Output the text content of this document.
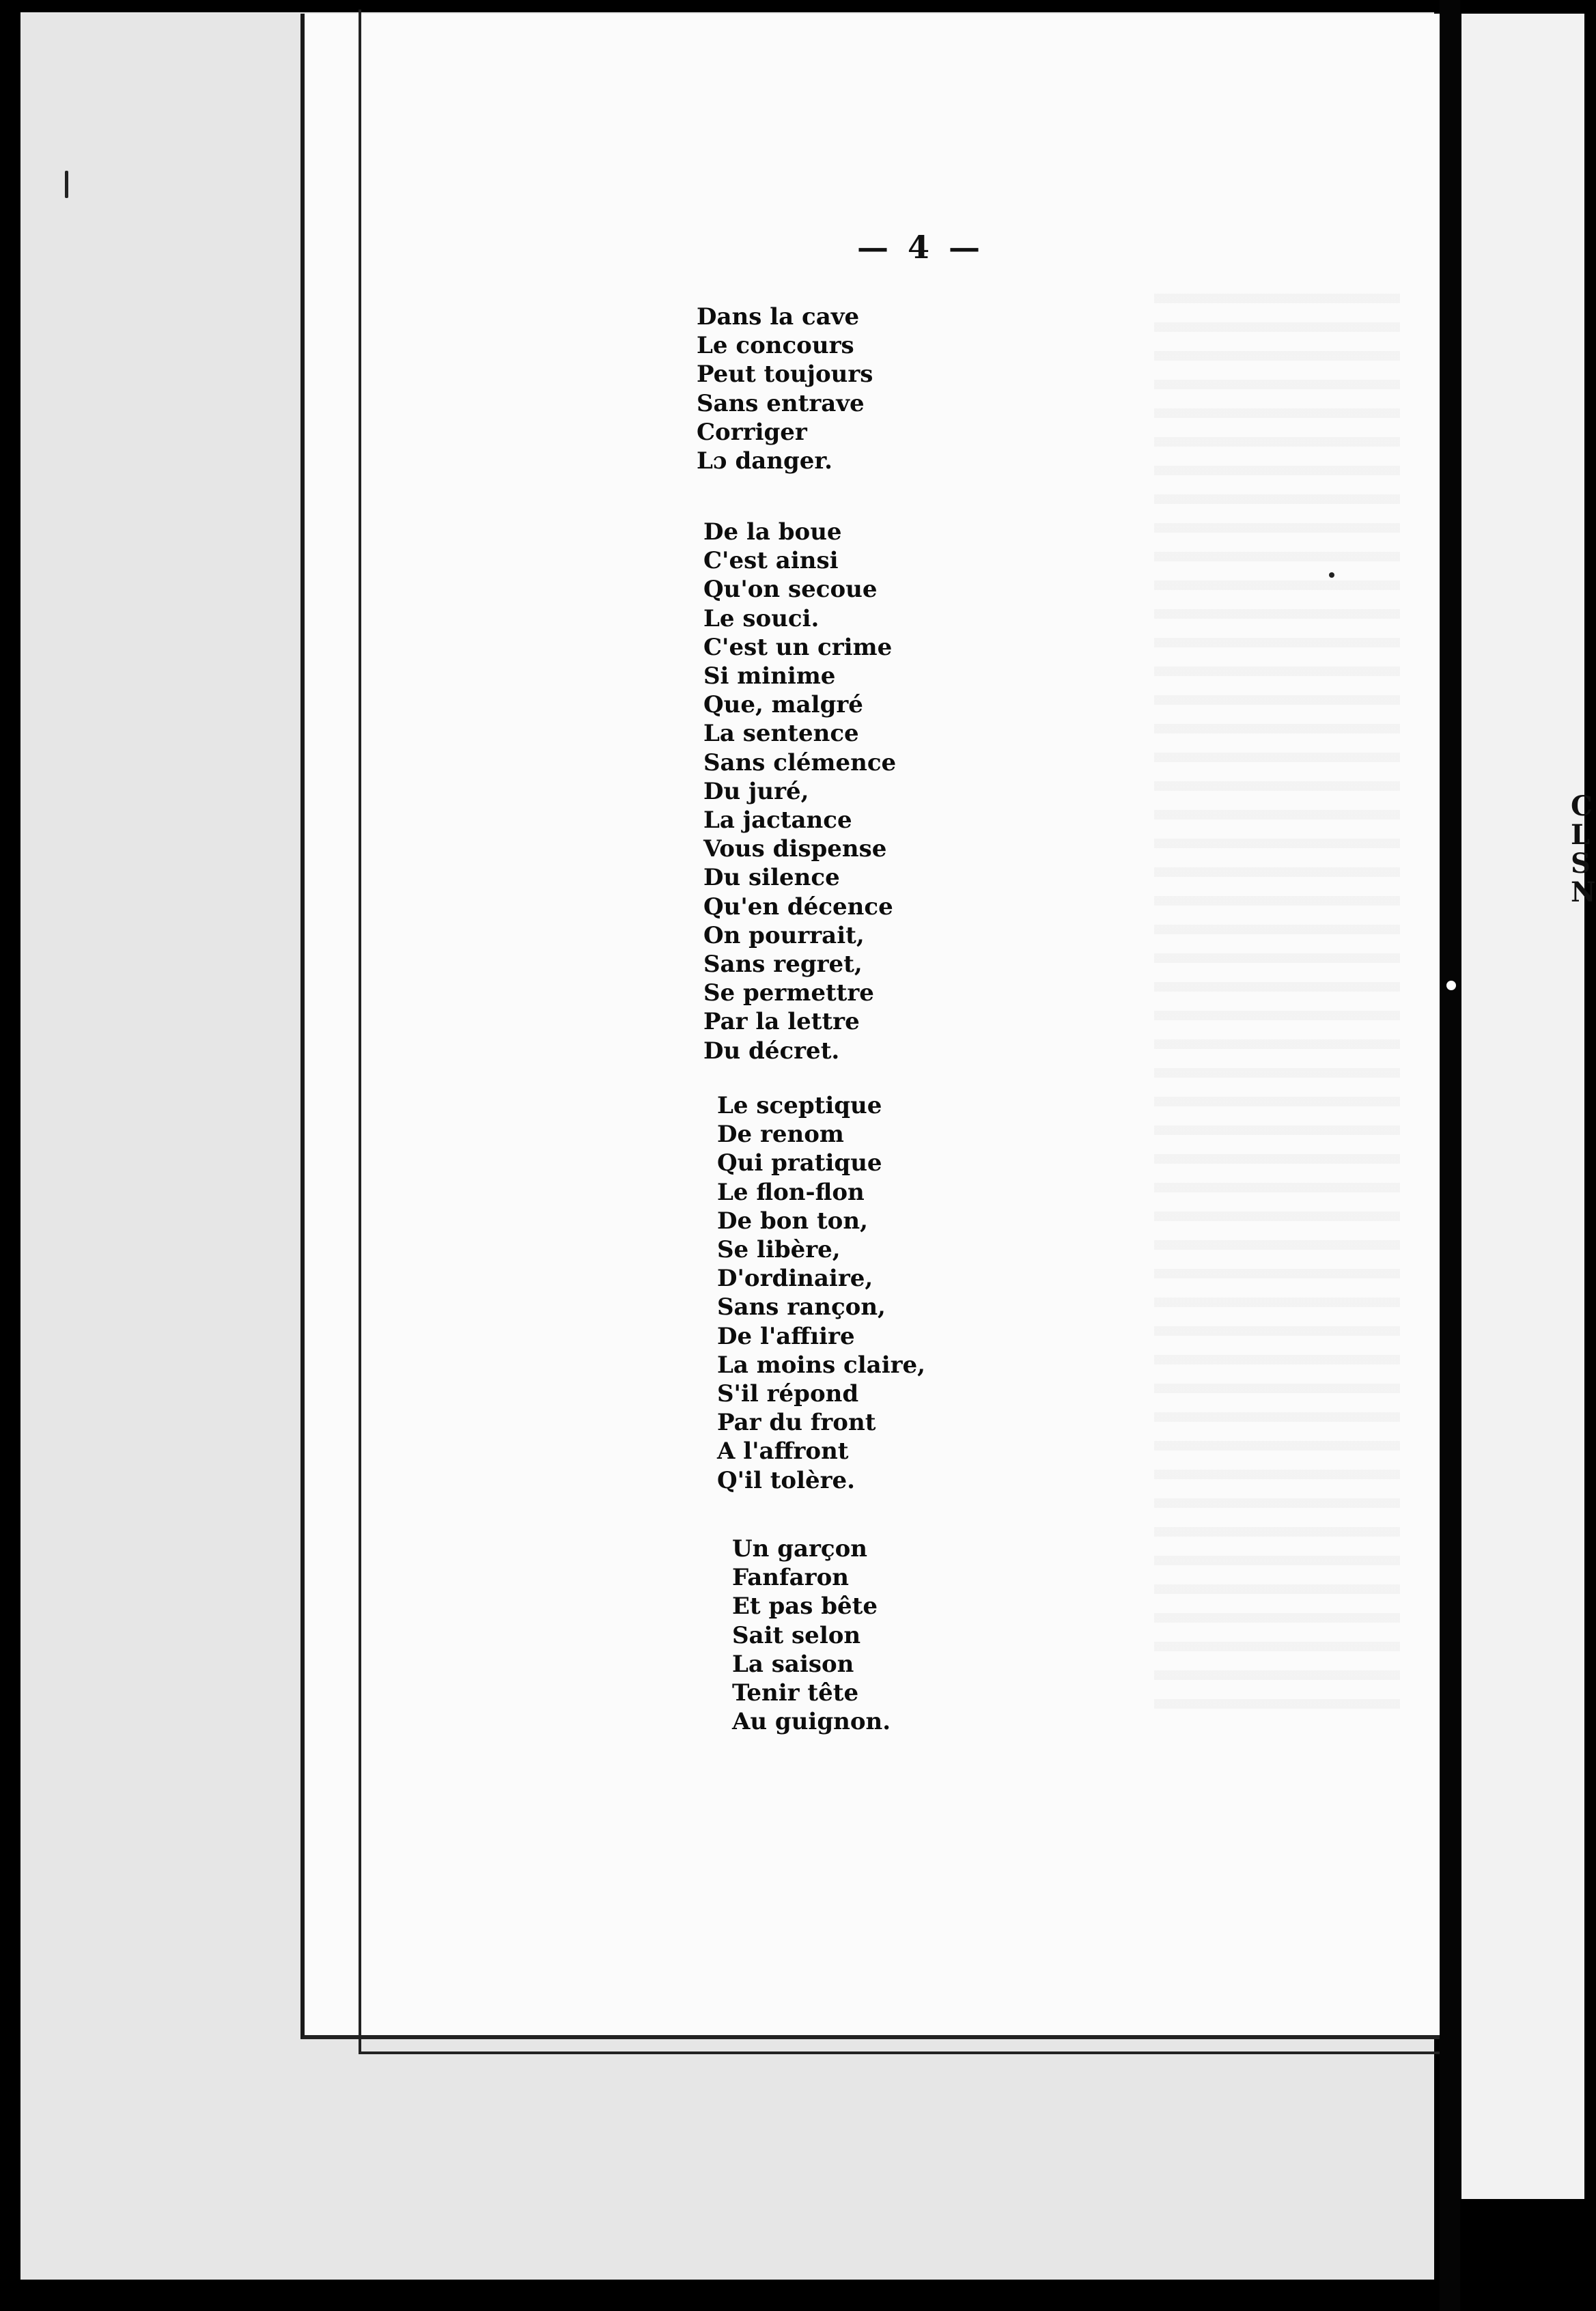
C
L
S
N
— 4 —
Dans la cave
Le concours
Peut toujours
Sans entrave
Corriger
Lɔ danger.
De la boue
C'est ainsi
Qu'on secoue
Le souci.
C'est un crime
Si minime
Que, malgré
La sentence
Sans clémence
Du juré,
La jactance
Vous dispense
Du silence
Qu'en décence
On pourrait,
Sans regret,
Se permettre
Par la lettre
Du décret.
Le sceptique
De renom
Qui pratique
Le flon-flon
De bon ton,
Se libère,
D'ordinaire,
Sans rançon,
De l'affıire
La moins claire,
S'il répond
Par du front
A l'affront
Q'il tolère.
Un garçon
Fanfaron
Et pas bête
Sait selon
La saison
Tenir tête
Au guignon.
